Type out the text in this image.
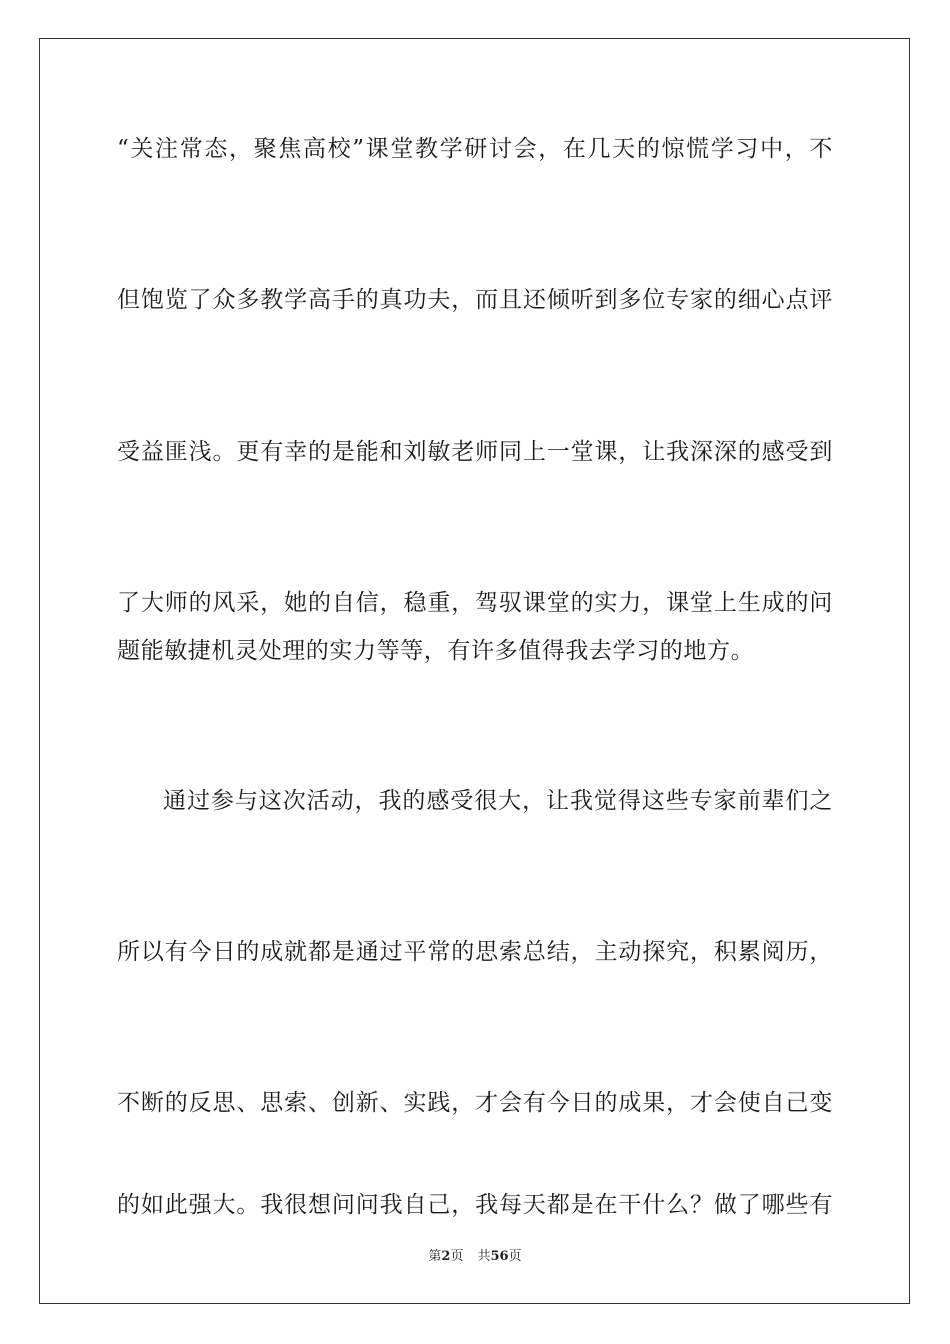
“关注常态，聚焦高校”课堂教学研讨会，在几天的惊慌学习中，不
但饱览了众多教学高手的真功夫，而且还倾听到多位专家的细心点评
受益匪浅。更有幸的是能和刘敏老师同上一堂课，让我深深的感受到
了大师的风采，她的自信，稳重，驾驭课堂的实力，课堂上生成的问
题能敏捷机灵处理的实力等等，有许多值得我去学习的地方。
通过参与这次活动，我的感受很大，让我觉得这些专家前辈们之
所以有今日的成就都是通过平常的思索总结，主动探究，积累阅历，
不断的反思、思索、创新、实践，才会有今日的成果，才会使自己变
的如此强大。我很想问问我自己，我每天都是在干什么？做了哪些有
第2页 共56页
